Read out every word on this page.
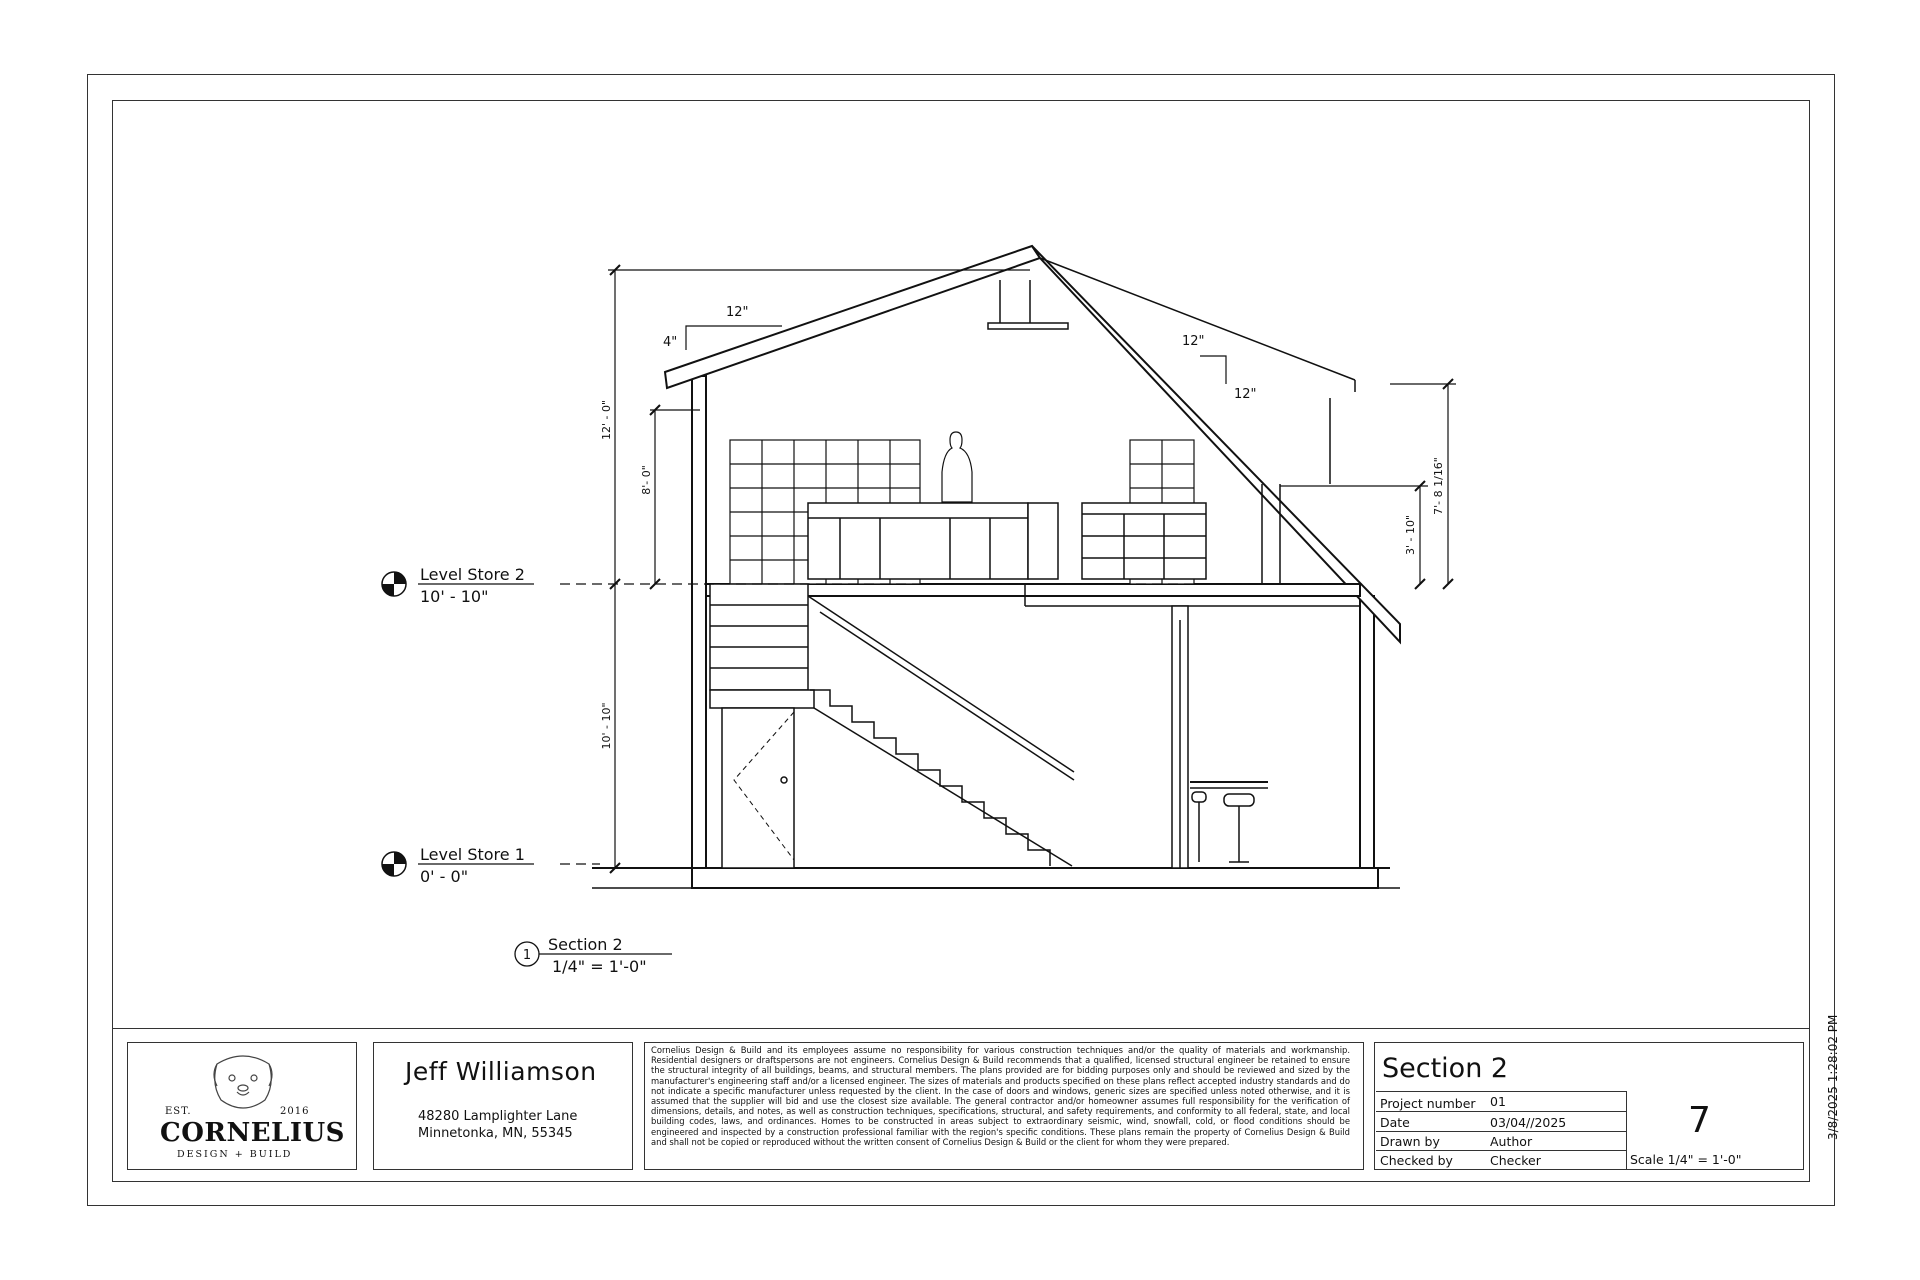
Level Store 2
10' - 10"
Level Store 1
0' - 0"
12' - 0"
8'- 0"
10' - 10"
7'- 8 1/16"
3' - 10"
12"
4"	12"
12"
1
Section 2
1/4" = 1'-0"
EST.	2016
CORNELIUS
DESIGN + BUILD
Jeff Williamson
48280 Lamplighter Lane
Minnetonka, MN, 55345
Cornelius Design & Build and its employees assume no responsibility for various construction techniques and/or the quality of materials and workmanship. Residential designers or draftspersons are not engineers. Cornelius Design & Build recommends that a qualified, licensed structural engineer be retained to ensure the structural integrity of all buildings, beams, and structural members. The plans provided are for bidding purposes only and should be reviewed and sized by the manufacturer's engineering staff and/or a licensed engineer. The sizes of materials and products specified on these plans reflect accepted industry standards and do not indicate a specific manufacturer unless requested by the client. In the case of doors and windows, generic sizes are specified unless noted otherwise, and it is assumed that the supplier will bid and use the closest size available. The general contractor and/or homeowner assumes full responsibility for the verification of dimensions, details, and notes, as well as construction techniques, specifications, structural, and safety requirements, and conformity to all federal, state, and local building codes, laws, and ordinances. Homes to be constructed in areas subject to extraordinary seismic, wind, snowfall, cold, or flood conditions should be engineered and inspected by a construction professional familiar with the region's specific conditions. These plans remain the property of Cornelius Design & Build and shall not be copied or reproduced without the written consent of Cornelius Design & Build or the client for whom they were prepared.
Section 2
Project number 01
Date	03/04//2025
Drawn by	Author
Checked by	Checker
7
Scale 1/4" = 1'-0"
3/8/2025 1:28:02 PM
